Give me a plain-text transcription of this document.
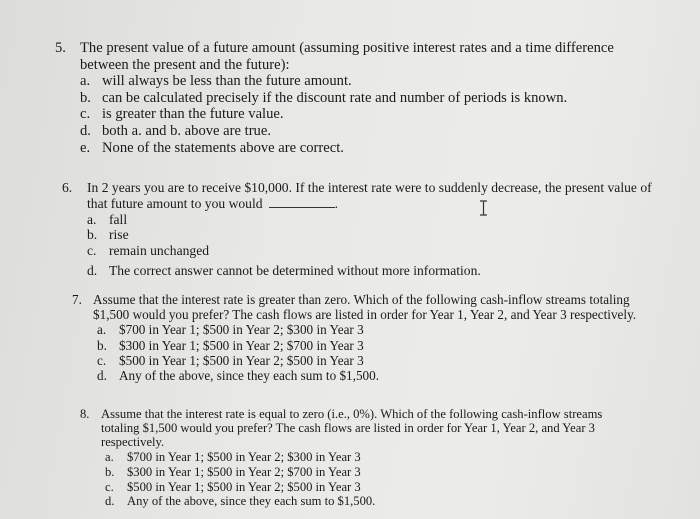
5. The present value of a future amount (assuming positive interest rates and a time difference between the present and the future):
a. will always be less than the future amount.
b. can be calculated precisely if the discount rate and number of periods is known.
c. is greater than the future value.
d. both a. and b. above are true.
e. None of the statements above are correct.
6. In 2 years you are to receive $10,000. If the interest rate were to suddenly decrease, the present value of that future amount to you would	.
a. fall
b. rise
c. remain unchanged
d. The correct answer cannot be determined without more information.
7. Assume that the interest rate is greater than zero. Which of the following cash-inflow streams totaling $1,500 would you prefer? The cash flows are listed in order for Year 1, Year 2, and Year 3 respectively.
a. $700 in Year 1; $500 in Year 2; $300 in Year 3
b. $300 in Year 1; $500 in Year 2; $700 in Year 3
c. $500 in Year 1; $500 in Year 2; $500 in Year 3
d. Any of the above, since they each sum to $1,500.
8. Assume that the interest rate is equal to zero (i.e., 0%). Which of the following cash-inflow streams totaling $1,500 would you prefer? The cash flows are listed in order for Year 1, Year 2, and Year 3 respectively.
a. $700 in Year 1; $500 in Year 2; $300 in Year 3
b. $300 in Year 1; $500 in Year 2; $700 in Year 3
c. $500 in Year 1; $500 in Year 2; $500 in Year 3
d. Any of the above, since they each sum to $1,500.
